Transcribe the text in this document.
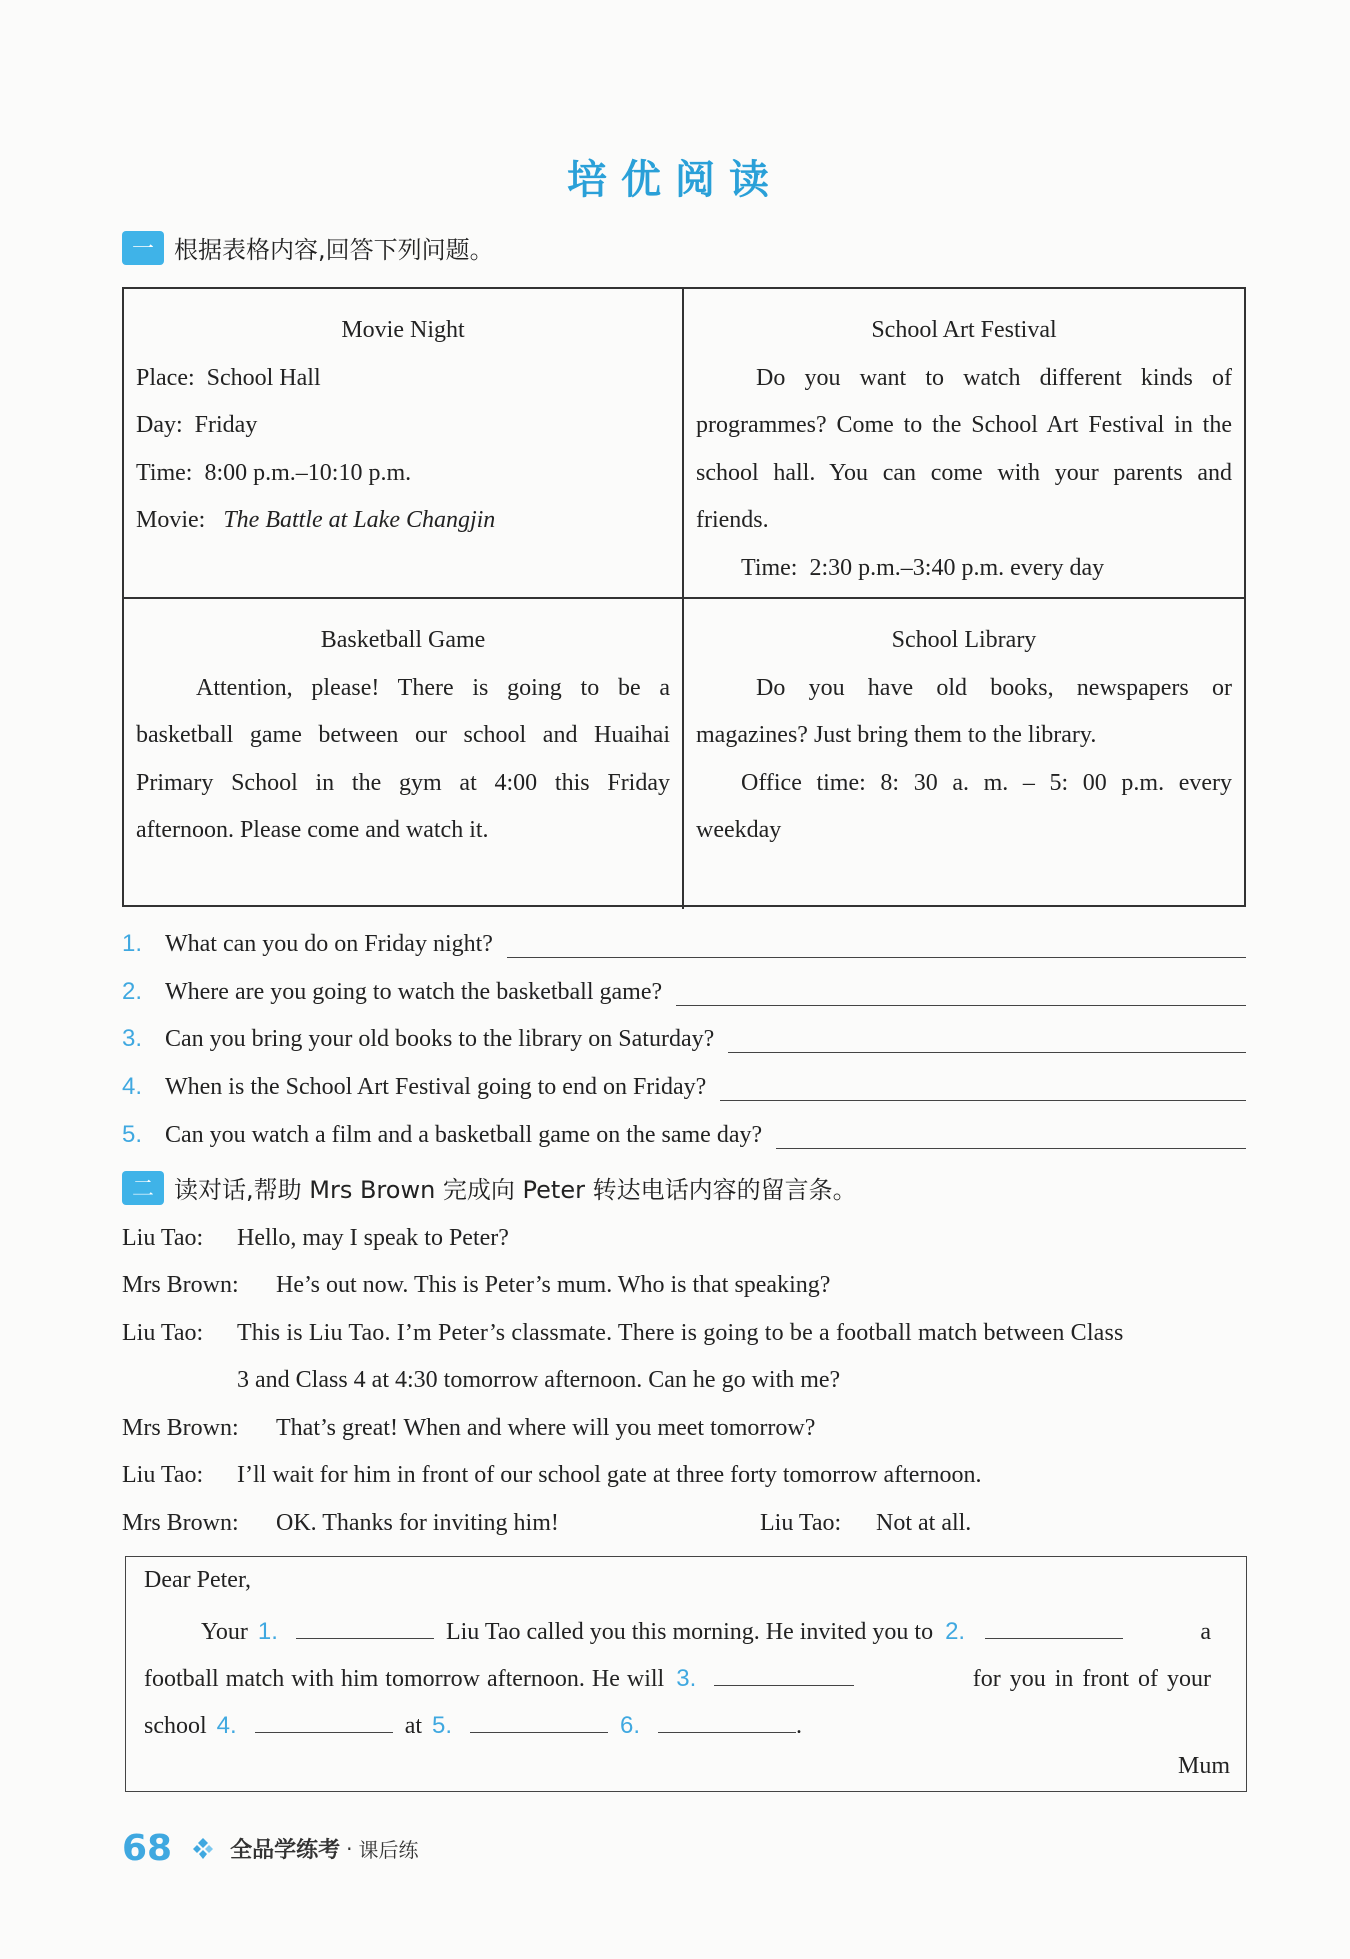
培优阅读
一 根据表格内容,回答下列问题。
Movie Night
Place:  School Hall
Day:  Friday
Time:  8:00 p.m.–10:10 p.m.
Movie: The Battle at Lake Changjin
School Art Festival
Do you want to watch different kinds of programmes? Come to the School Art Festival in the school hall. You can come with your parents and friends.
Time:  2:30 p.m.–3:40 p.m. every day
Basketball Game
Attention, please! There is going to be a basketball game between our school and Huaihai Primary School in the gym at 4:00 this Friday afternoon. Please come and watch it.
School Library
Do you have old books, newspapers or magazines? Just bring them to the library.
Office time: 8: 30 a. m. – 5: 00 p.m. every weekday
1. What can you do on Friday night?
2. Where are you going to watch the basketball game?
3. Can you bring your old books to the library on Saturday?
4. When is the School Art Festival going to end on Friday?
5. Can you watch a film and a basketball game on the same day?
二 读对话,帮助 Mrs Brown 完成向 Peter 转达电话内容的留言条。
Liu Tao: Hello, may I speak to Peter?
Mrs Brown: He’s out now. This is Peter’s mum. Who is that speaking?
Liu Tao: This is Liu Tao. I’m Peter’s classmate. There is going to be a football match between Class
3 and Class 4 at 4:30 tomorrow afternoon. Can he go with me?
Mrs Brown: That’s great! When and where will you meet tomorrow?
Liu Tao: I’ll wait for him in front of our school gate at three forty tomorrow afternoon.
Mrs Brown: OK. Thanks for inviting him!	Liu Tao: Not at all.
Dear Peter,
Your 1.	Liu Tao called you this morning. He invited you to 2.	a
football match with him tomorrow afternoon. He will 3.	for you in front of your
school 4.	at 5.	6.	.
Mum
68	全品学练考 · 课后练
